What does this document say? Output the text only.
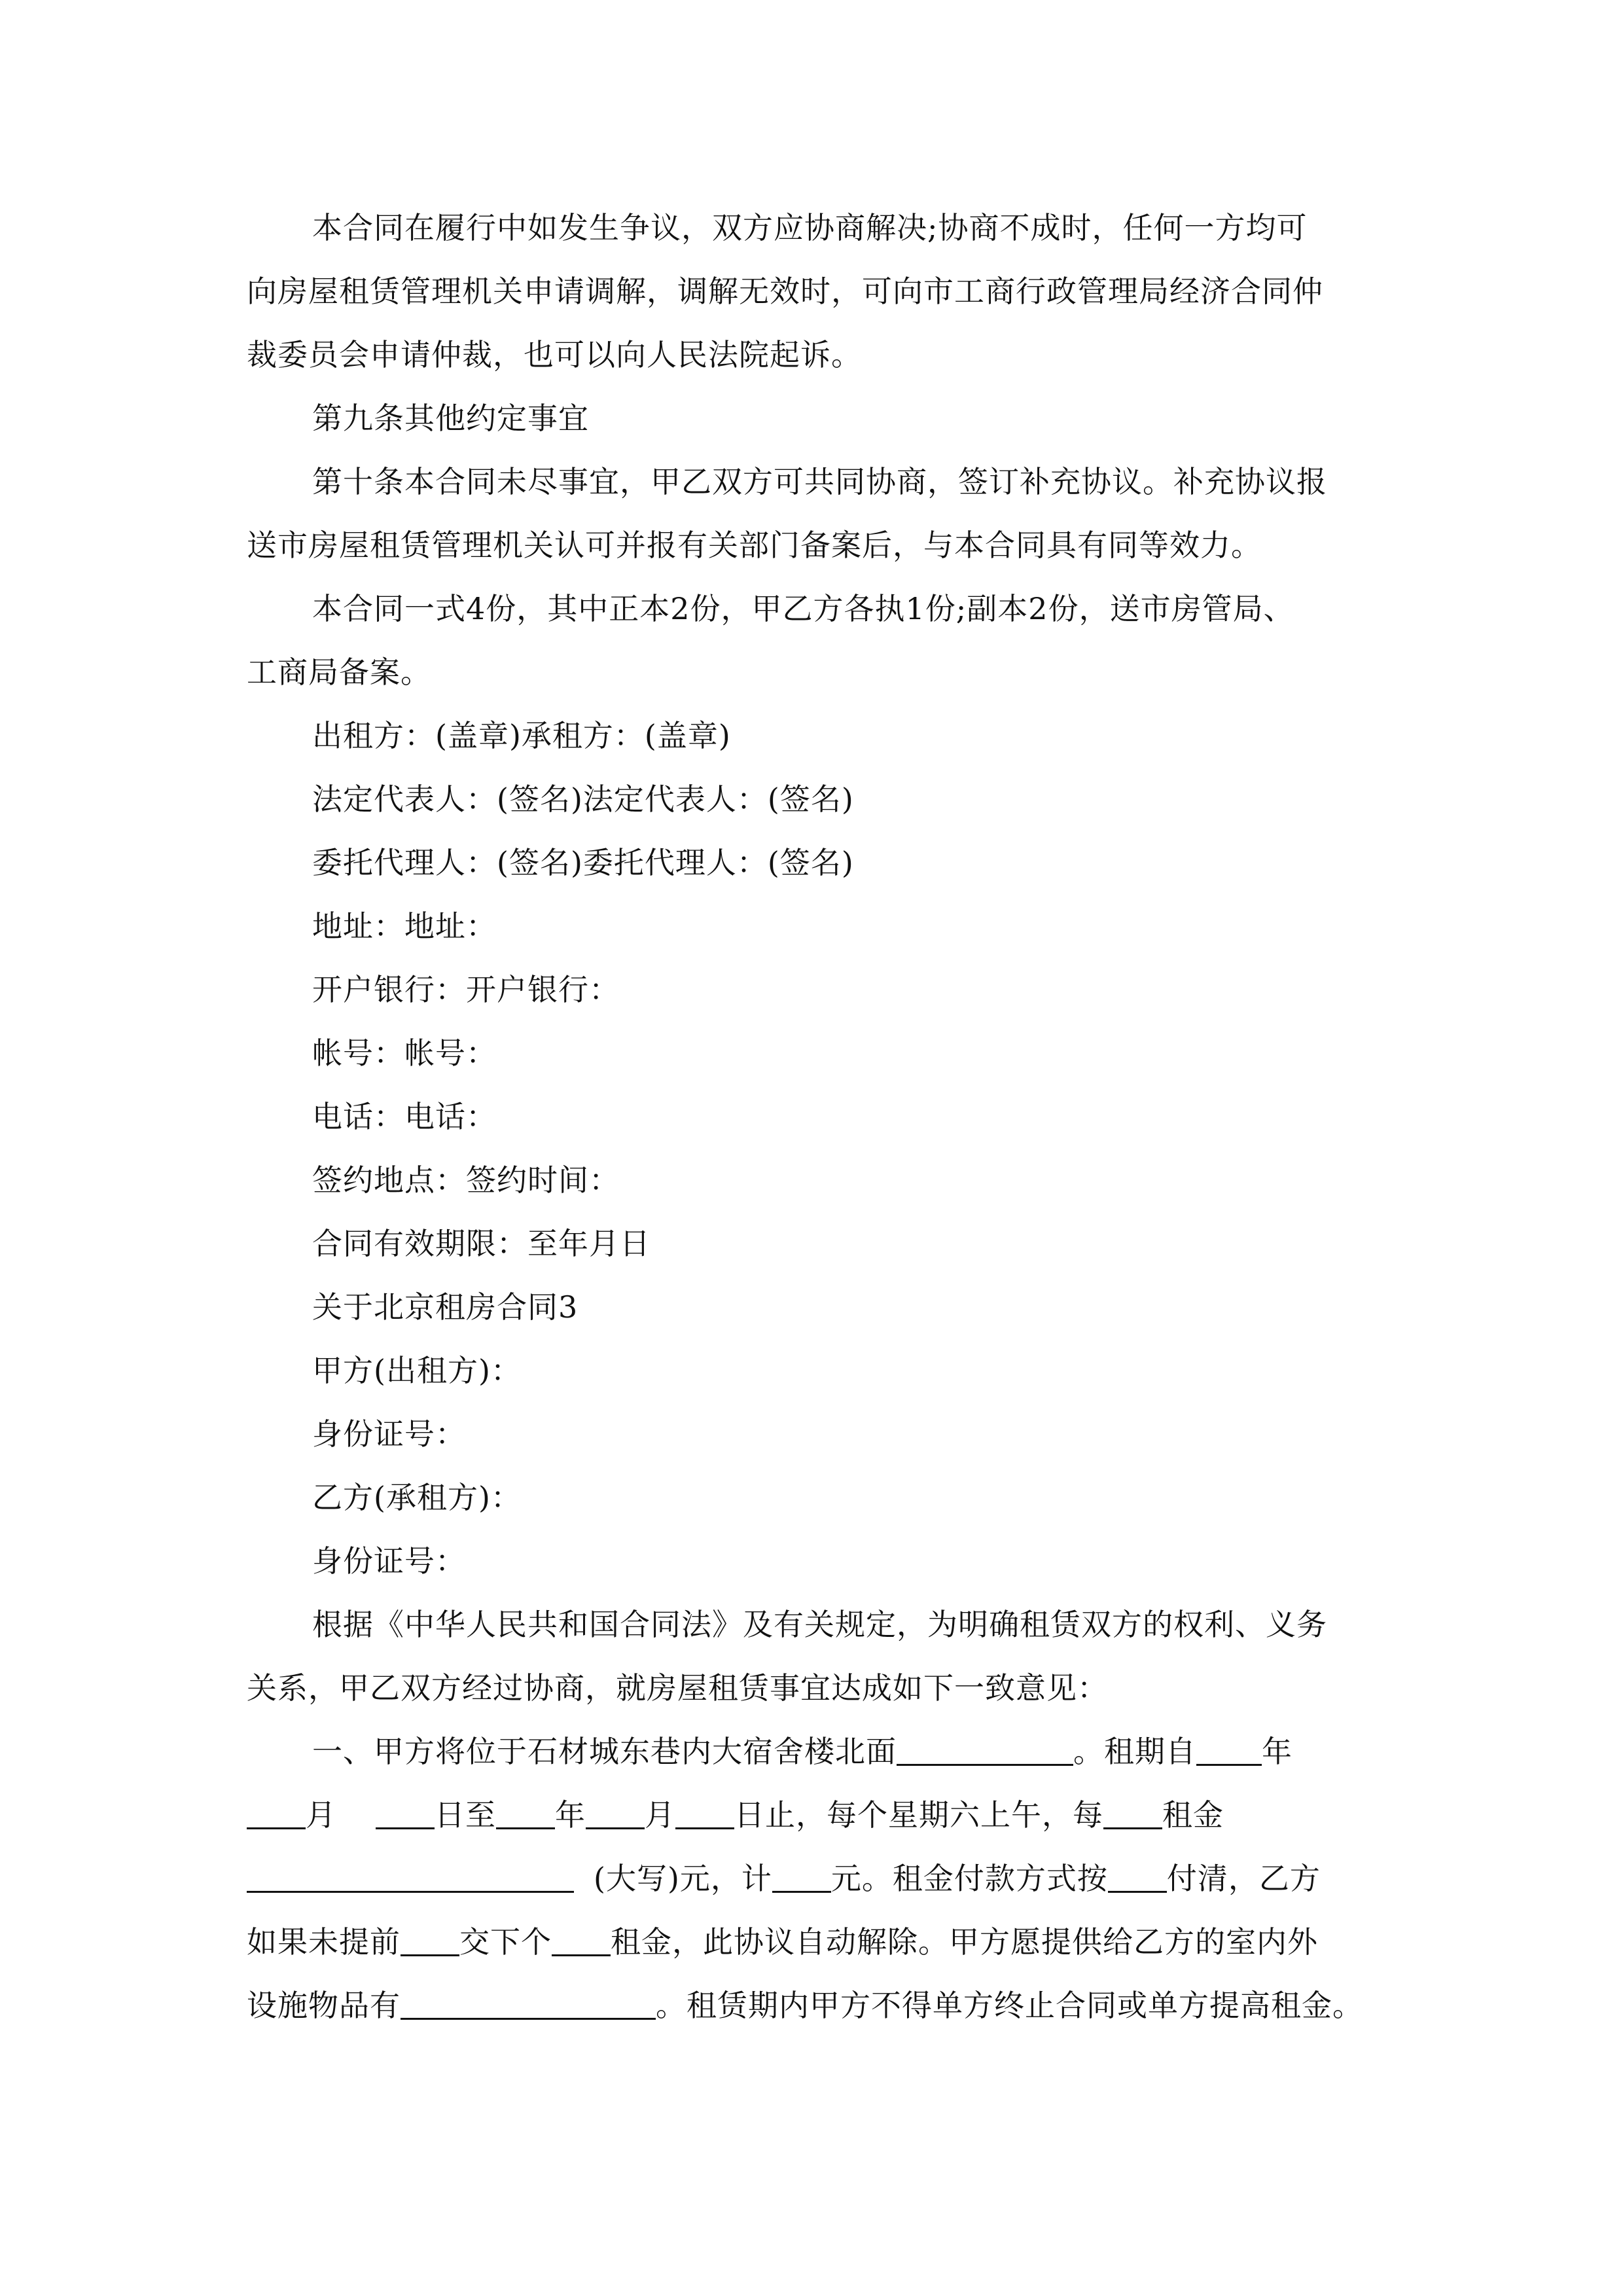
本合同在履行中如发生争议，双方应协商解决;协商不成时，任何一方均可

向房屋租赁管理机关申请调解，调解无效时，可向市工商行政管理局经济合同仲

裁委员会申请仲裁，也可以向人民法院起诉。

第九条其他约定事宜

第十条本合同未尽事宜，甲乙双方可共同协商，签订补充协议。补充协议报

送市房屋租赁管理机关认可并报有关部门备案后，与本合同具有同等效力。

本合同一式4份，其中正本2份，甲乙方各执1份;副本2份，送市房管局、

工商局备案。

出租方：(盖章)承租方：(盖章)

法定代表人：(签名)法定代表人：(签名)

委托代理人：(签名)委托代理人：(签名)

地址：地址：

开户银行：开户银行：

帐号：帐号：

电话：电话：

签约地点：签约时间：

合同有效期限：至年月日

关于北京租房合同3

甲方(出租方)：

身份证号：

乙方(承租方)：

身份证号：

根据《中华人民共和国合同法》及有关规定，为明确租赁双方的权利、义务

关系，甲乙双方经过协商，就房屋租赁事宜达成如下一致意见：

一、甲方将位于石材城东巷内大宿舍楼北面	。租期自 年

月	日至 年 月 日止，每个星期六上午，每 租金

(大写)元，计 元。租金付款方式按 付清，乙方

如果未提前 交下个 租金，此协议自动解除。甲方愿提供给乙方的室内外

设施物品有	。租赁期内甲方不得单方终止合同或单方提高租金。
